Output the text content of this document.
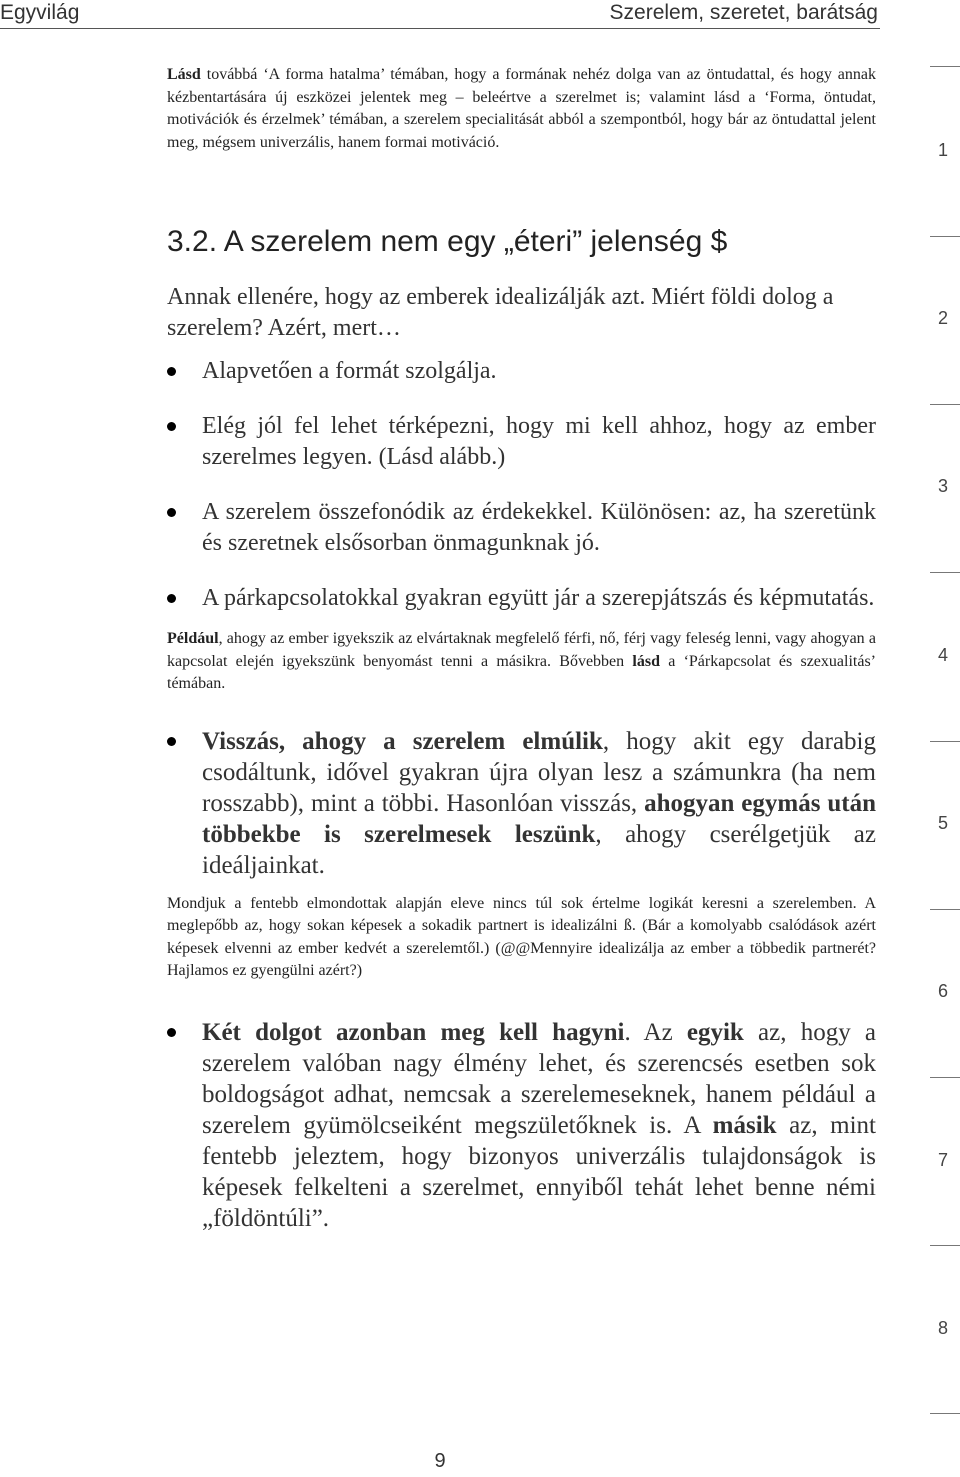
Egyvilág	Szerelem, szeretet, barátság

Lásd továbbá ‘A forma hatalma’ témában, hogy a formának nehéz dolga van az öntudattal, és hogy annak kézbentartására új eszközei jelentek meg – beleértve a szerelmet is; valamint lásd a ‘Forma, öntudat, motivációk és érzelmek’ témában, a szerelem specialitását abból a szempontból, hogy bár az öntudattal jelent meg, mégsem univerzális, hanem formai motiváció.

3.2. A szerelem nem egy „éteri” jelenség $

Annak ellenére, hogy az emberek idealizálják azt. Miért földi dolog a szerelem? Azért, mert…

Alapvetően a formát szolgálja.
Elég jól fel lehet térképezni, hogy mi kell ahhoz, hogy az ember szerelmes legyen. (Lásd alább.)
A szerelem összefonódik az érdekekkel. Különösen: az, ha szeretünk és szeretnek elsősorban önmagunknak jó.
A párkapcsolatokkal gyakran együtt jár a szerepjátszás és képmutatás.

Például, ahogy az ember igyekszik az elvártaknak megfelelő férfi, nő, férj vagy feleség lenni, vagy ahogyan a kapcsolat elején igyekszünk benyomást tenni a másikra. Bővebben lásd a ‘Párkapcsolat és szexualitás’ témában.

Visszás, ahogy a szerelem elmúlik, hogy akit egy darabig csodáltunk, idővel gyakran újra olyan lesz a számunkra (ha nem rosszabb), mint a többi. Hasonlóan visszás, ahogyan egymás után többekbe is szerelmesek leszünk, ahogy cserélgetjük az ideáljainkat.

Mondjuk a fentebb elmondottak alapján eleve nincs túl sok értelme logikát keresni a szerelemben. A meglepőbb az, hogy sokan képesek a sokadik partnert is idealizálni ß. (Bár a komolyabb csalódások azért képesek elvenni az ember kedvét a szerelemtől.) (@@Mennyire idealizálja az ember a többedik partnerét? Hajlamos ez gyengülni azért?)

Két dolgot azonban meg kell hagyni. Az egyik az, hogy a szerelem valóban nagy élmény lehet, és szerencsés esetben sok boldogságot adhat, nemcsak a szerelemeseknek, hanem például a szerelem gyümölcseiként megszületőknek is. A másik az, mint fentebb jeleztem, hogy bizonyos univerzális tulajdonságok is képesek felkelteni a szerelmet, ennyiből tehát lehet benne némi „földöntúli”.
1
2
3
4
5
6
7
8
9
